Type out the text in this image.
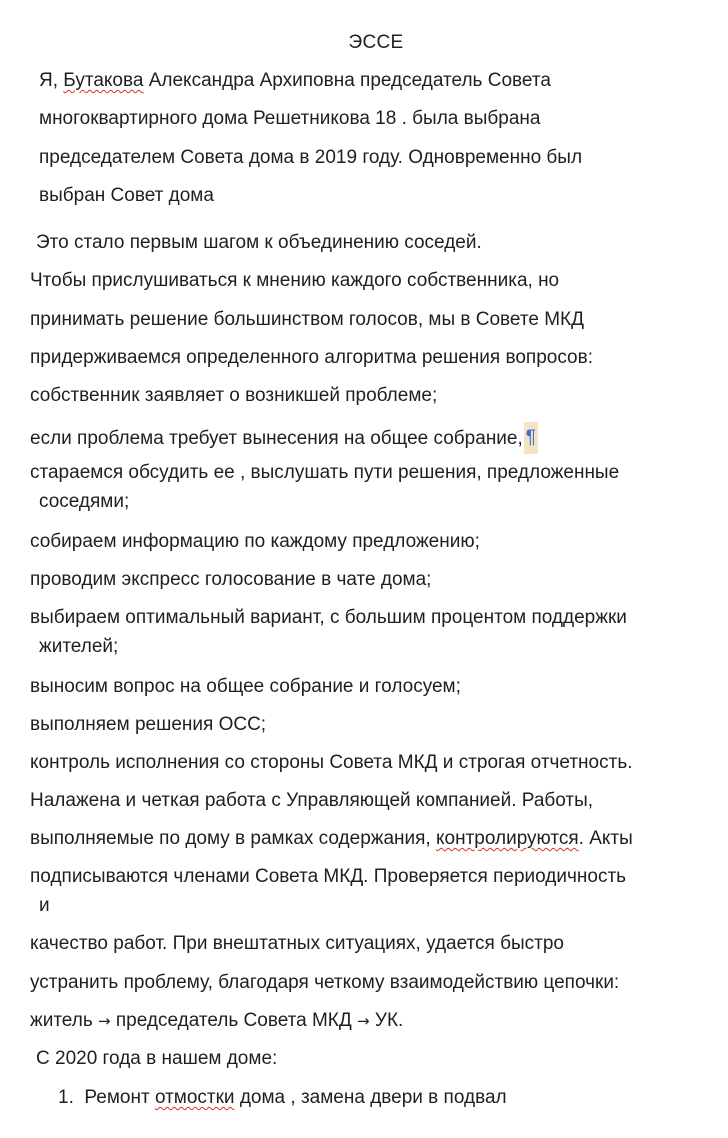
ЭССЕ
Я, Бутакова Александра Архиповна председатель Совета
многоквартирного дома Решетникова 18 . была выбрана
председателем Совета дома в 2019 году. Одновременно был
выбран Совет дома
Это стало первым шагом к объединению соседей.
Чтобы прислушиваться к мнению каждого собственника, но
принимать решение большинством голосов, мы в Совете МКД
придерживаемся определенного алгоритма решения вопросов:
собственник заявляет о возникшей проблеме;
если проблема требует вынесения на общее собрание, ¶
стараемся обсудить ее , выслушать пути решения, предложенные
соседями;
собираем информацию по каждому предложению;
проводим экспресс голосование в чате дома;
выбираем оптимальный вариант, с большим процентом поддержки
жителей;
выносим вопрос на общее собрание и голосуем;
выполняем решения ОСС;
контроль исполнения со стороны Совета МКД и строгая отчетность.
Налажена и четкая работа с Управляющей компанией. Работы,
выполняемые по дому в рамках содержания, контролируются. Акты
подписываются членами Совета МКД. Проверяется периодичность
и
качество работ. При внештатных ситуациях, удается быстро
устранить проблему, благодаря четкому взаимодействию цепочки:
житель → председатель Совета МКД → УК.
С 2020 года в нашем доме:
1. Ремонт отмостки дома , замена двери в подвал
